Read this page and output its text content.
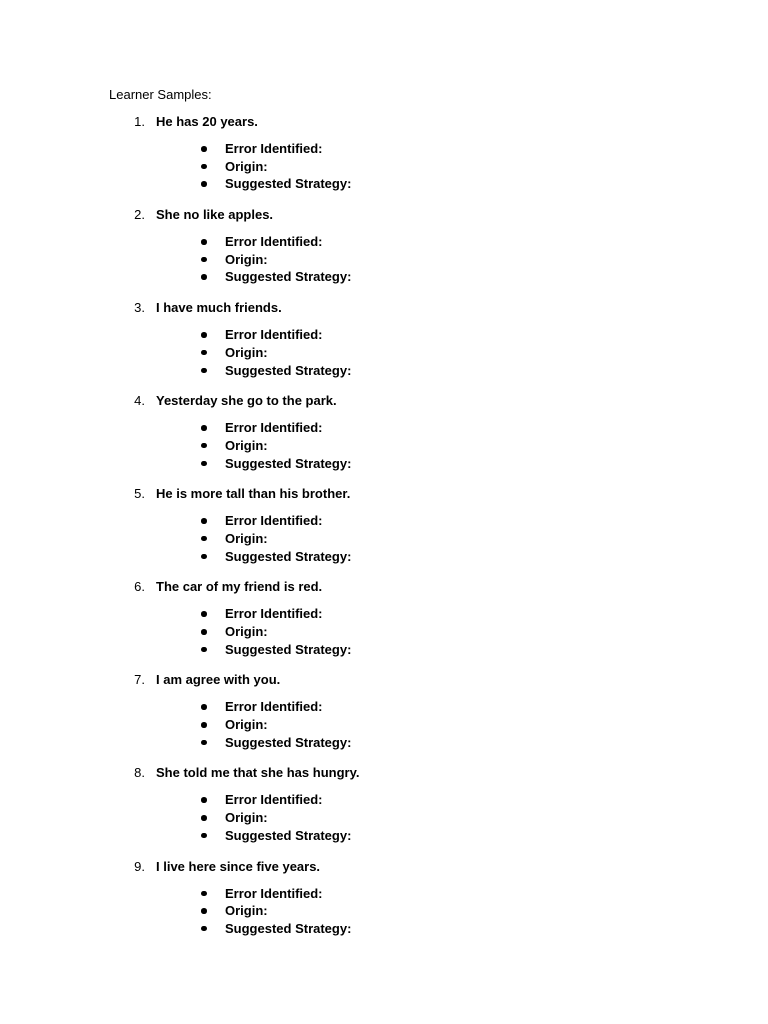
Learner Samples:
1. He has 20 years.
Error Identified:
Origin:
Suggested Strategy:
2. She no like apples.
Error Identified:
Origin:
Suggested Strategy:
3. I have much friends.
Error Identified:
Origin:
Suggested Strategy:
4. Yesterday she go to the park.
Error Identified:
Origin:
Suggested Strategy:
5. He is more tall than his brother.
Error Identified:
Origin:
Suggested Strategy:
6. The car of my friend is red.
Error Identified:
Origin:
Suggested Strategy:
7. I am agree with you.
Error Identified:
Origin:
Suggested Strategy:
8. She told me that she has hungry.
Error Identified:
Origin:
Suggested Strategy:
9. I live here since five years.
Error Identified:
Origin:
Suggested Strategy:
